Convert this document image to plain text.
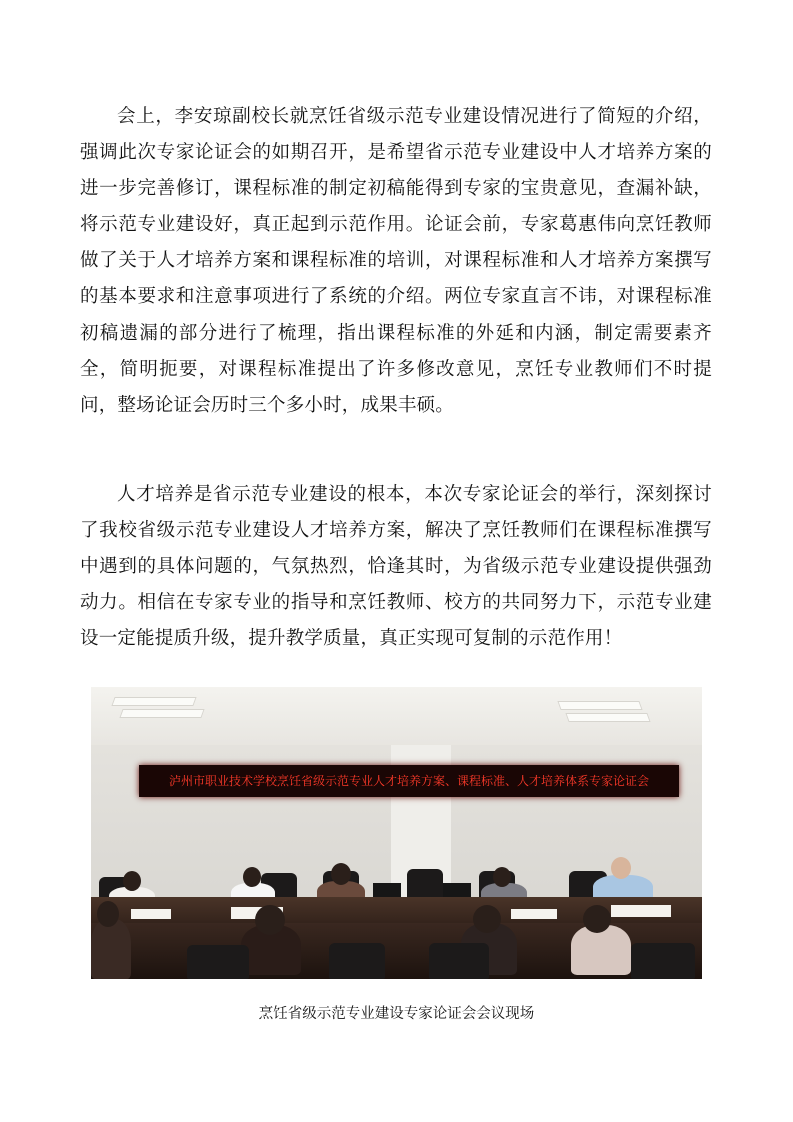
会上，李安琼副校长就烹饪省级示范专业建设情况进行了简短的介绍，强调此次专家论证会的如期召开，是希望省示范专业建设中人才培养方案的进一步完善修订，课程标准的制定初稿能得到专家的宝贵意见，查漏补缺，将示范专业建设好，真正起到示范作用。论证会前，专家葛惠伟向烹饪教师做了关于人才培养方案和课程标准的培训，对课程标准和人才培养方案撰写的基本要求和注意事项进行了系统的介绍。两位专家直言不讳，对课程标准初稿遗漏的部分进行了梳理，指出课程标准的外延和内涵，制定需要素齐全，简明扼要，对课程标准提出了许多修改意见，烹饪专业教师们不时提问，整场论证会历时三个多小时，成果丰硕。

人才培养是省示范专业建设的根本，本次专家论证会的举行，深刻探讨了我校省级示范专业建设人才培养方案，解决了烹饪教师们在课程标准撰写中遇到的具体问题的，气氛热烈，恰逢其时，为省级示范专业建设提供强劲动力。相信在专家专业的指导和烹饪教师、校方的共同努力下，示范专业建设一定能提质升级，提升教学质量，真正实现可复制的示范作用！

泸州市职业技术学校烹饪省级示范专业人才培养方案、课程标准、人才培养体系专家论证会
烹饪省级示范专业建设专家论证会会议现场
